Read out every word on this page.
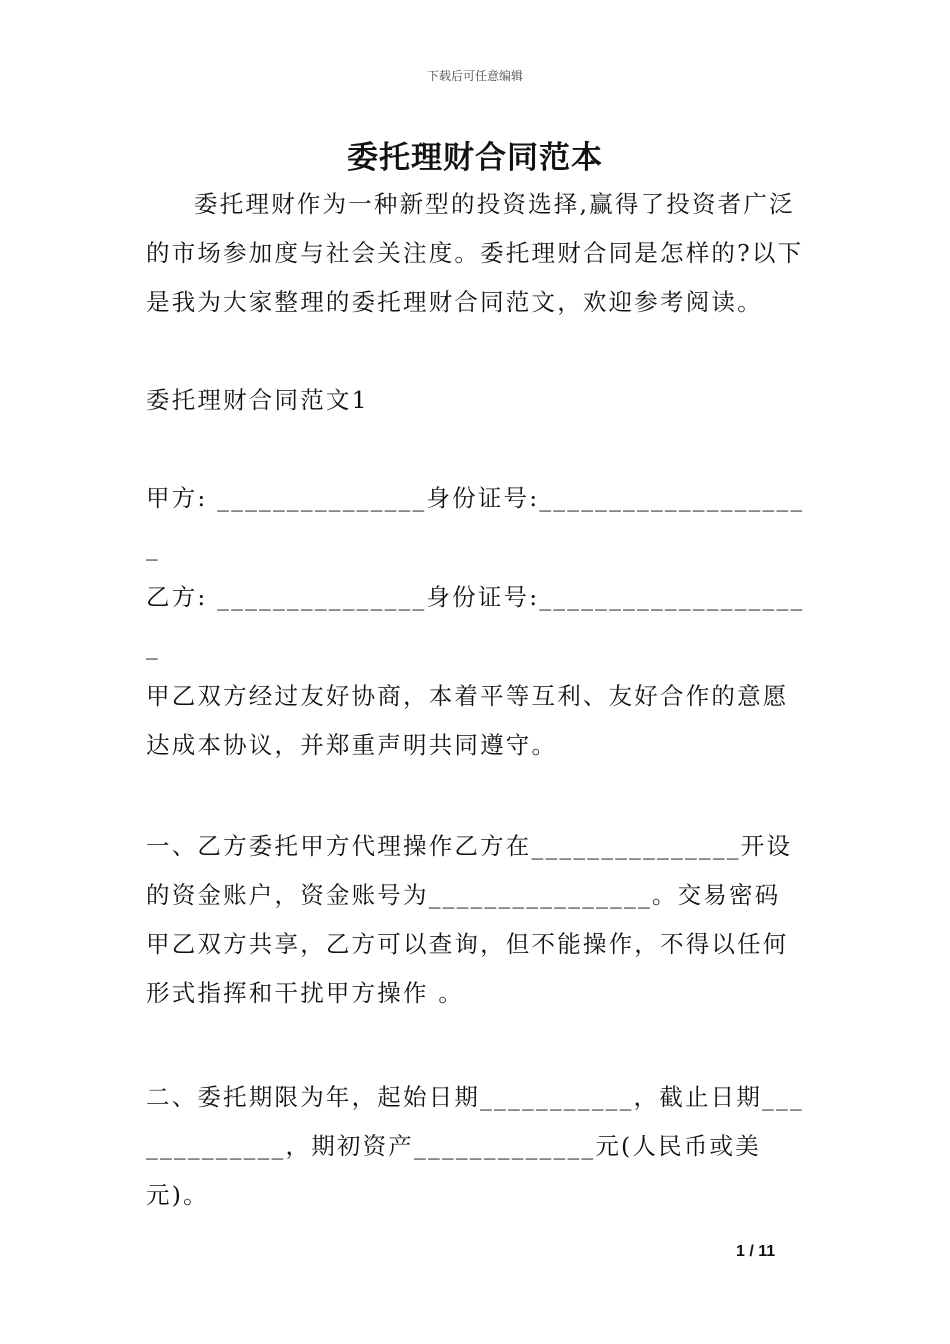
下载后可任意编辑
委托理财合同范本

委托理财作为一种新型的投资选择,赢得了投资者广泛的市场参加度与社会关注度。委托理财合同是怎样的?以下是我为大家整理的委托理财合同范文，欢迎参考阅读。

委托理财合同范文1

甲方: _______________身份证号:____________________

乙方: _______________身份证号:____________________

甲乙双方经过友好协商，本着平等互利、友好合作的意愿达成本协议，并郑重声明共同遵守。

一、乙方委托甲方代理操作乙方在_______________开设的资金账户，资金账号为________________。交易密码甲乙双方共享，乙方可以查询，但不能操作，不得以任何形式指挥和干扰甲方操作 。

二、委托期限为年，起始日期___________，截止日期_____________，期初资产_____________元(人民币或美元)。

1 / 11
